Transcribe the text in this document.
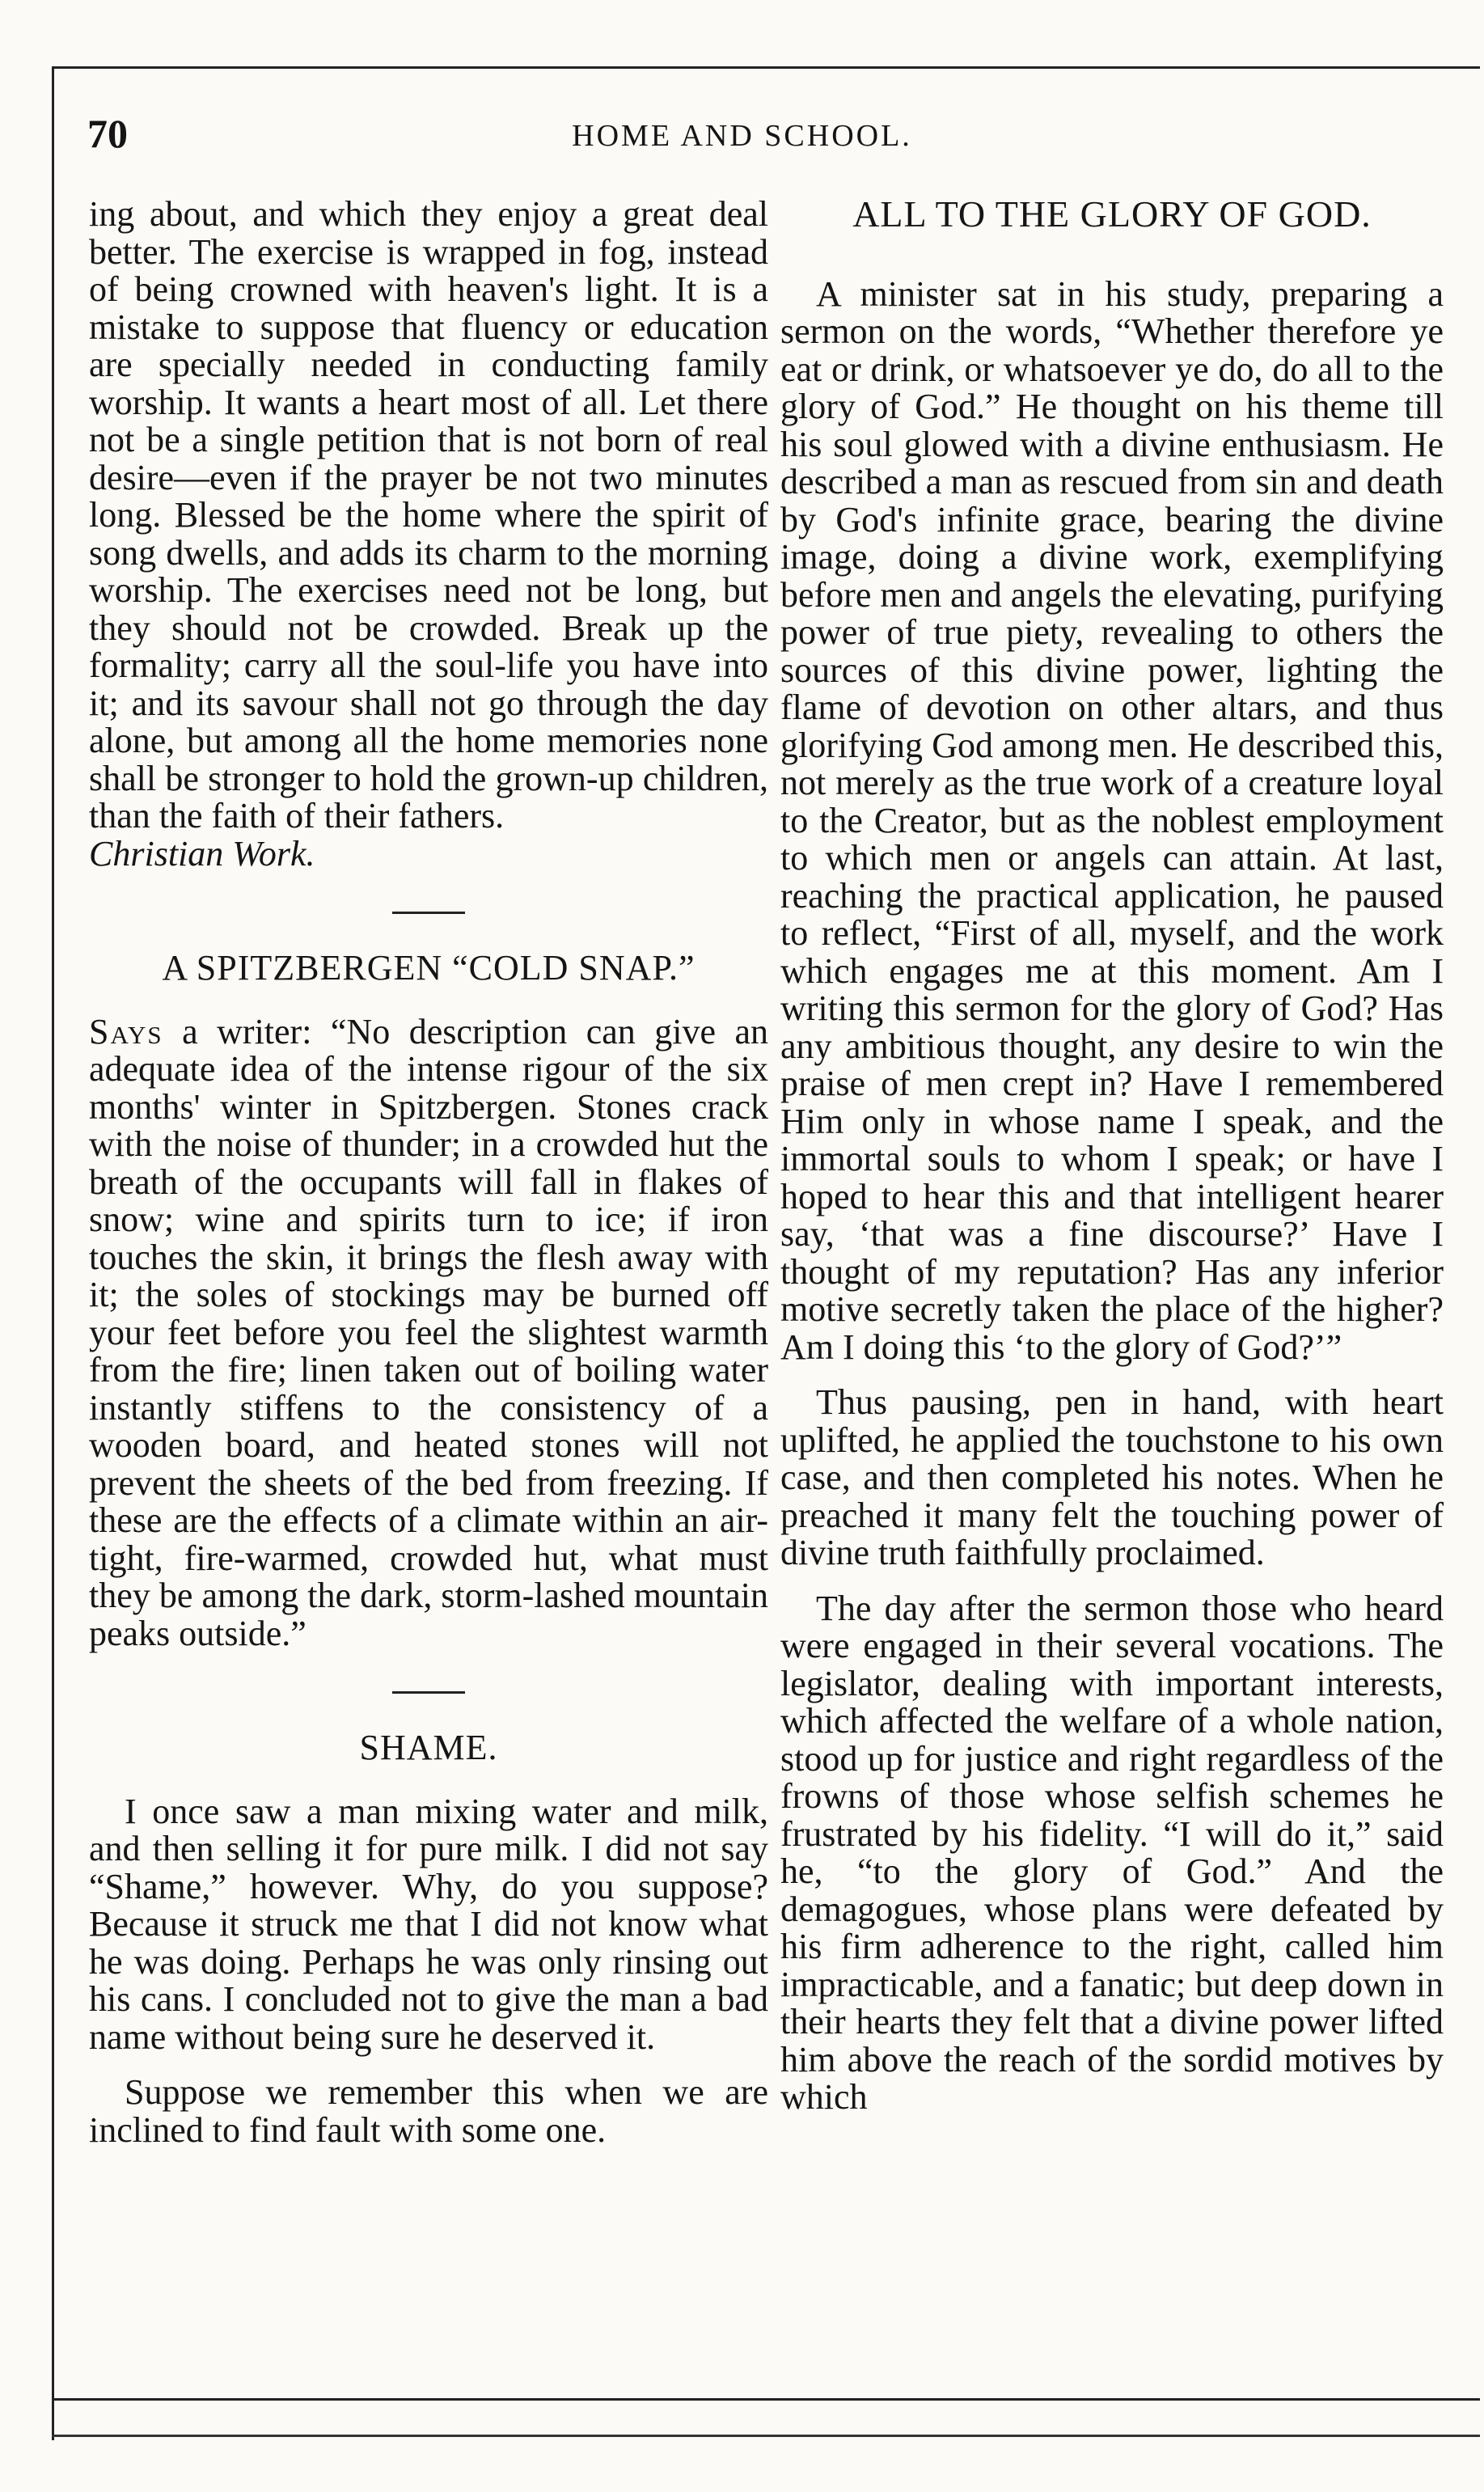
70	HOME AND SCHOOL.

ing about, and which they enjoy a great deal better. The exercise is wrapped in fog, instead of being crowned with heaven's light. It is a mistake to suppose that fluency or education are specially needed in conducting family worship. It wants a heart most of all. Let there not be a single petition that is not born of real desire—even if the prayer be not two minutes long. Blessed be the home where the spirit of song dwells, and adds its charm to the morning worship. The exercises need not be long, but they should not be crowded. Break up the formality; carry all the soul-life you have into it; and its savour shall not go through the day alone, but among all the home memories none shall be stronger to hold the grown-up children, than the faith of their fathers.
Christian Work.

A SPITZBERGEN “COLD SNAP.”

Says a writer: “No description can give an adequate idea of the intense rigour of the six months' winter in Spitzbergen. Stones crack with the noise of thunder; in a crowded hut the breath of the occupants will fall in flakes of snow; wine and spirits turn to ice; if iron touches the skin, it brings the flesh away with it; the soles of stockings may be burned off your feet before you feel the slightest warmth from the fire; linen taken out of boiling water instantly stiffens to the consistency of a wooden board, and heated stones will not prevent the sheets of the bed from freezing. If these are the effects of a climate within an air-tight, fire-warmed, crowded hut, what must they be among the dark, storm-lashed mountain peaks outside.”

SHAME.

I once saw a man mixing water and milk, and then selling it for pure milk. I did not say “Shame,” however. Why, do you suppose? Because it struck me that I did not know what he was doing. Perhaps he was only rinsing out his cans. I concluded not to give the man a bad name without being sure he deserved it.

Suppose we remember this when we are inclined to find fault with some one.

ALL TO THE GLORY OF GOD.

A minister sat in his study, preparing a sermon on the words, “Whether therefore ye eat or drink, or whatsoever ye do, do all to the glory of God.” He thought on his theme till his soul glowed with a divine enthusiasm. He described a man as rescued from sin and death by God's infinite grace, bearing the divine image, doing a divine work, exemplifying before men and angels the elevating, purifying power of true piety, revealing to others the sources of this divine power, lighting the flame of devotion on other altars, and thus glorifying God among men. He described this, not merely as the true work of a creature loyal to the Creator, but as the noblest employment to which men or angels can attain. At last, reaching the practical application, he paused to reflect, “First of all, myself, and the work which engages me at this moment. Am I writing this sermon for the glory of God? Has any ambitious thought, any desire to win the praise of men crept in? Have I remembered Him only in whose name I speak, and the immortal souls to whom I speak; or have I hoped to hear this and that intelligent hearer say, ‘that was a fine discourse?’ Have I thought of my reputation? Has any inferior motive secretly taken the place of the higher? Am I doing this ‘to the glory of God?’”

Thus pausing, pen in hand, with heart uplifted, he applied the touchstone to his own case, and then completed his notes. When he preached it many felt the touching power of divine truth faithfully proclaimed.

The day after the sermon those who heard were engaged in their several vocations. The legislator, dealing with important interests, which affected the welfare of a whole nation, stood up for justice and right regardless of the frowns of those whose selfish schemes he frustrated by his fidelity. “I will do it,” said he, “to the glory of God.” And the demagogues, whose plans were defeated by his firm adherence to the right, called him impracticable, and a fanatic; but deep down in their hearts they felt that a divine power lifted him above the reach of the sordid motives by which
